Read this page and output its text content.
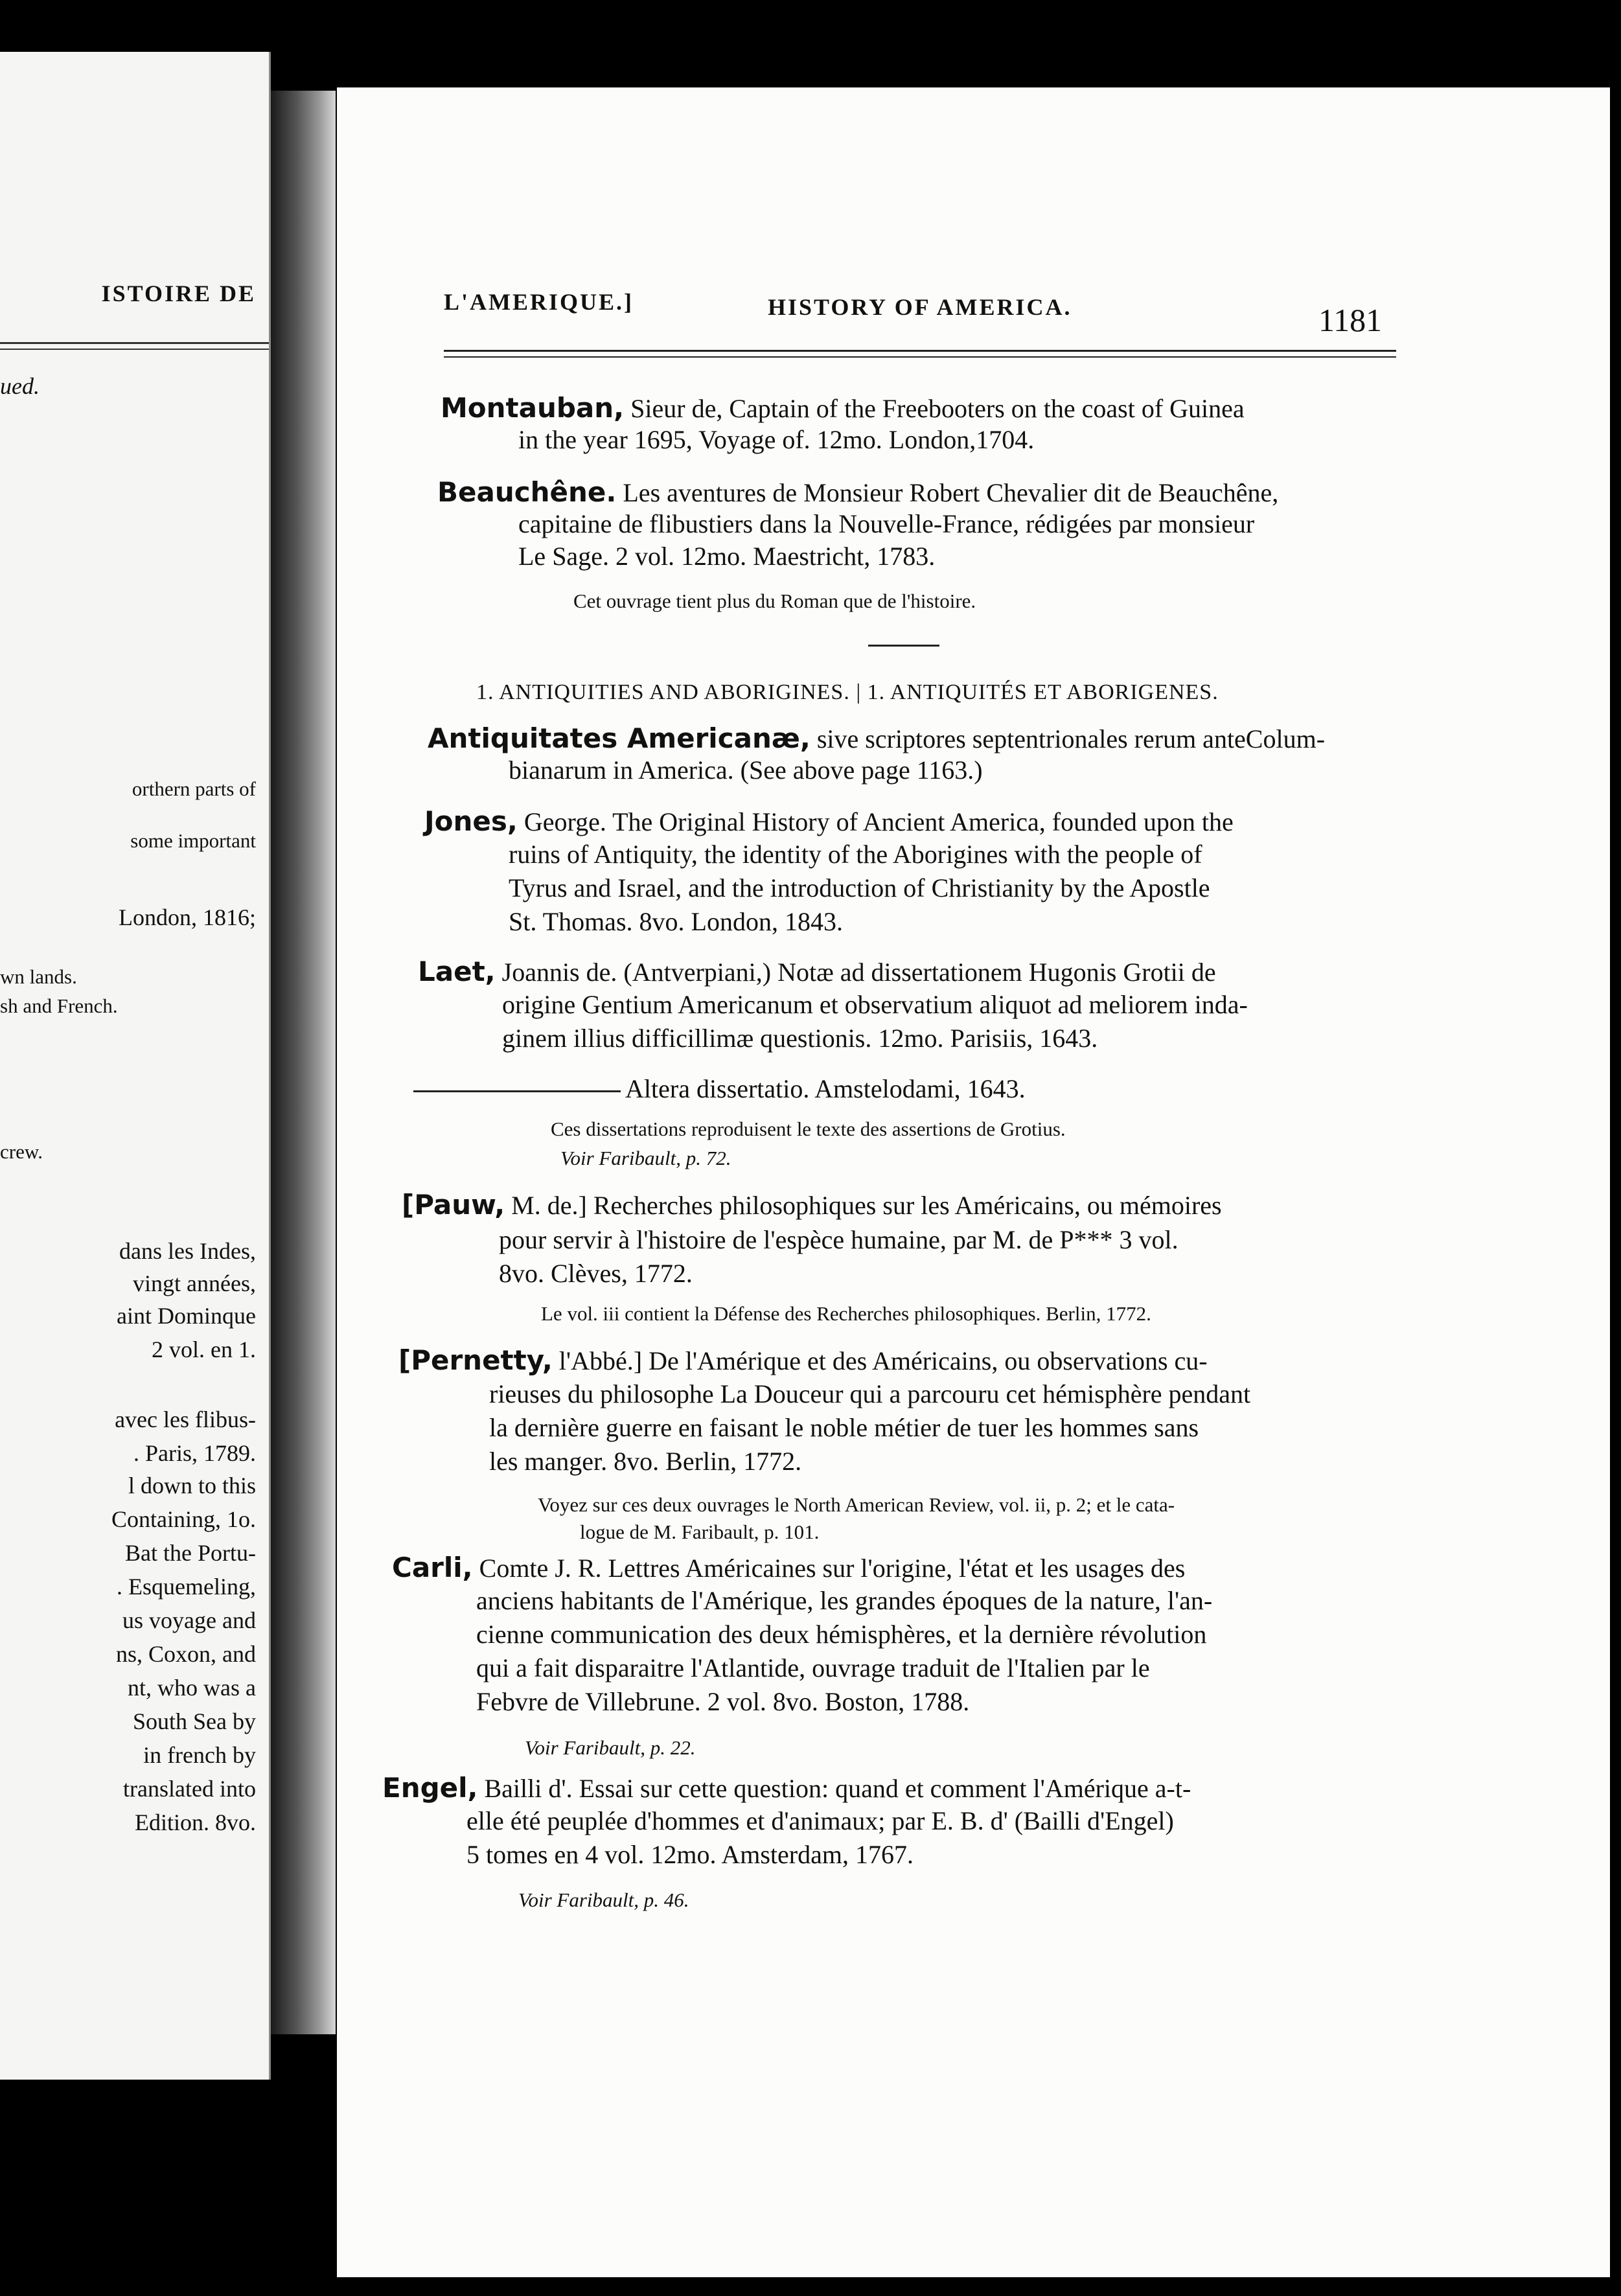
ISTOIRE DE
ued.
orthern parts of
some important
London, 1816;
wn lands.
sh and French.
crew.
dans les Indes,
vingt années,
aint Dominque
2 vol. en 1.
avec les flibus-
. Paris, 1789.
l down to this
Containing, 1o.
Bat the Portu-
. Esquemeling,
us voyage and
ns, Coxon, and
nt, who was a
South Sea by
in french by
translated into
Edition. 8vo.
L'AMERIQUE.]	HISTORY OF AMERICA.	1181
Montauban, Sieur de, Captain of the Freebooters on the coast of Guinea
in the year 1695, Voyage of. 12mo. London,1704.
Beauchêne. Les aventures de Monsieur Robert Chevalier dit de Beauchêne,
capitaine de flibustiers dans la Nouvelle-France, rédigées par monsieur
Le Sage. 2 vol. 12mo. Maestricht, 1783.
Cet ouvrage tient plus du Roman que de l'histoire.
1. ANTIQUITIES AND ABORIGINES. | 1. ANTIQUITÉS ET ABORIGENES.
Antiquitates Americanæ, sive scriptores septentrionales rerum anteColum-
bianarum in America. (See above page 1163.)
Jones, George. The Original History of Ancient America, founded upon the
ruins of Antiquity, the identity of the Aborigines with the people of
Tyrus and Israel, and the introduction of Christianity by the Apostle
St. Thomas. 8vo. London, 1843.
Laet, Joannis de. (Antverpiani,) Notæ ad dissertationem Hugonis Grotii de
origine Gentium Americanum et observatium aliquot ad meliorem inda-
ginem illius difficillimæ questionis. 12mo. Parisiis, 1643.
Altera dissertatio. Amstelodami, 1643.
Ces dissertations reproduisent le texte des assertions de Grotius.
Voir Faribault, p. 72.
[Pauw, M. de.] Recherches philosophiques sur les Américains, ou mémoires
pour servir à l'histoire de l'espèce humaine, par M. de P*** 3 vol.
8vo. Clèves, 1772.
Le vol. iii contient la Défense des Recherches philosophiques. Berlin, 1772.
[Pernetty, l'Abbé.] De l'Amérique et des Américains, ou observations cu-
rieuses du philosophe La Douceur qui a parcouru cet hémisphère pendant
la dernière guerre en faisant le noble métier de tuer les hommes sans
les manger. 8vo. Berlin, 1772.
Voyez sur ces deux ouvrages le North American Review, vol. ii, p. 2; et le cata-
logue de M. Faribault, p. 101.
Carli, Comte J. R. Lettres Américaines sur l'origine, l'état et les usages des
anciens habitants de l'Amérique, les grandes époques de la nature, l'an-
cienne communication des deux hémisphères, et la dernière révolution
qui a fait disparaitre l'Atlantide, ouvrage traduit de l'Italien par le
Febvre de Villebrune. 2 vol. 8vo. Boston, 1788.
Voir Faribault, p. 22.
Engel, Bailli d'. Essai sur cette question: quand et comment l'Amérique a-t-
elle été peuplée d'hommes et d'animaux; par E. B. d' (Bailli d'Engel)
5 tomes en 4 vol. 12mo. Amsterdam, 1767.
Voir Faribault, p. 46.
